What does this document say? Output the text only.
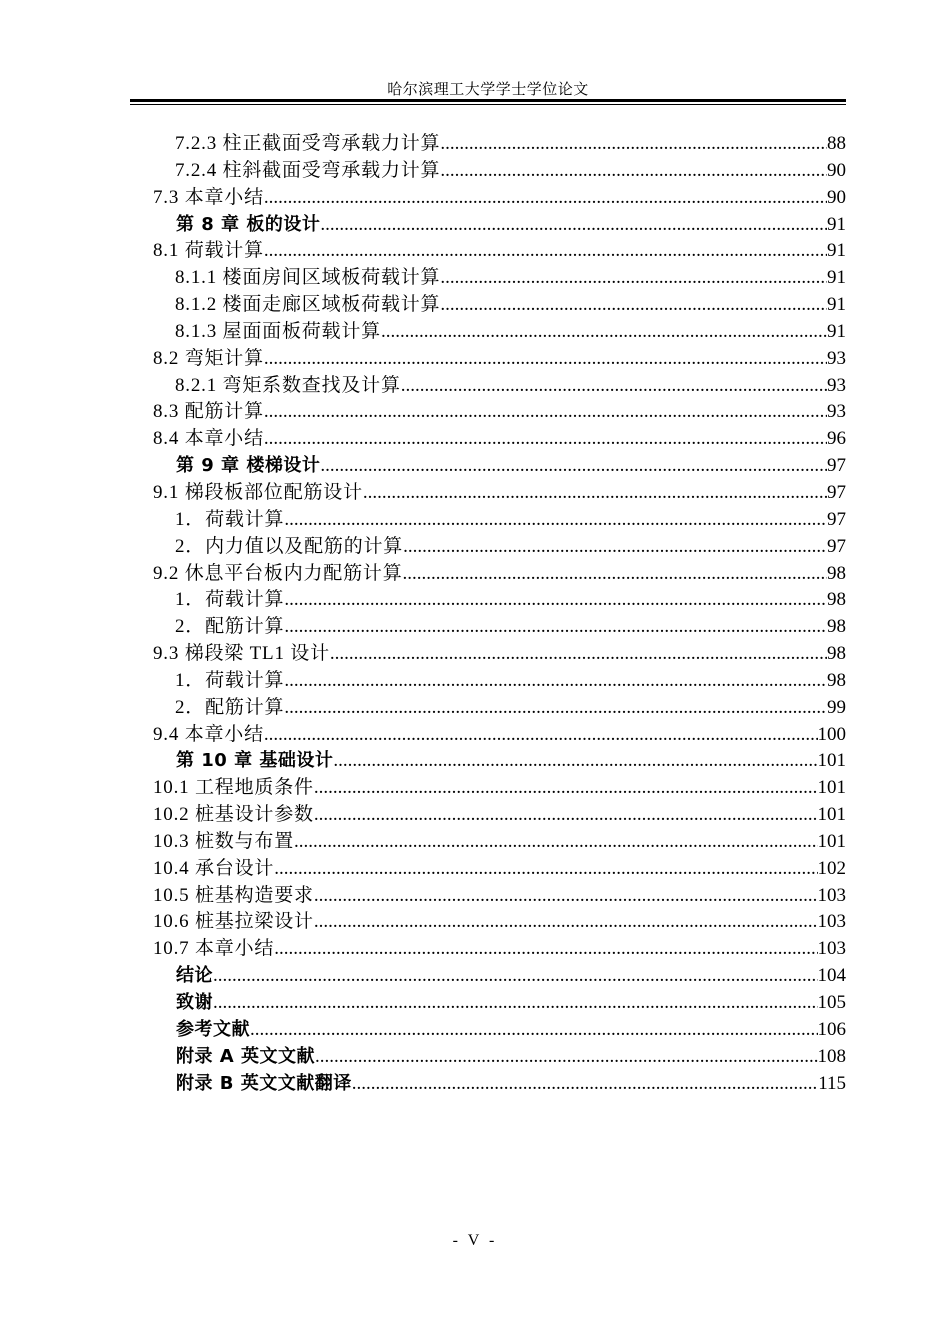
哈尔滨理工大学学士学位论文
7.2.3 柱正截面受弯承载力计算 .....	88
7.2.4 柱斜截面受弯承载力计算 .....	90
7.3 本章小结 .....	90
第 8 章 板的设计 .....	91
8.1 荷载计算 .....	91
8.1.1 楼面房间区域板荷载计算 .....	91
8.1.2 楼面走廊区域板荷载计算 .....	91
8.1.3 屋面面板荷载计算 .....	91
8.2 弯矩计算 .....	93
8.2.1 弯矩系数查找及计算 .....	93
8.3 配筋计算 .....	93
8.4 本章小结 .....	96
第 9 章 楼梯设计 .....	97
9.1 梯段板部位配筋设计 .....	97
1．荷载计算 .....	97
2．内力值以及配筋的计算 .....	97
9.2 休息平台板内力配筋计算 .....	98
1．荷载计算 .....	98
2．配筋计算 .....	98
9.3 梯段梁 TL1 设计 .....	98
1．荷载计算 .....	98
2．配筋计算 .....	99
9.4 本章小结 .....	100
第 10 章 基础设计 .....	101
10.1 工程地质条件 .....	101
10.2 桩基设计参数 .....	101
10.3 桩数与布置 .....	101
10.4 承台设计 .....	102
10.5 桩基构造要求 .....	103
10.6 桩基拉梁设计 .....	103
10.7 本章小结 .....	103
结论 .....	104
致谢 .....	105
参考文献 .....	106
附录 A 英文文献 .....	108
附录 B 英文文献翻译 .....	115
- V -
